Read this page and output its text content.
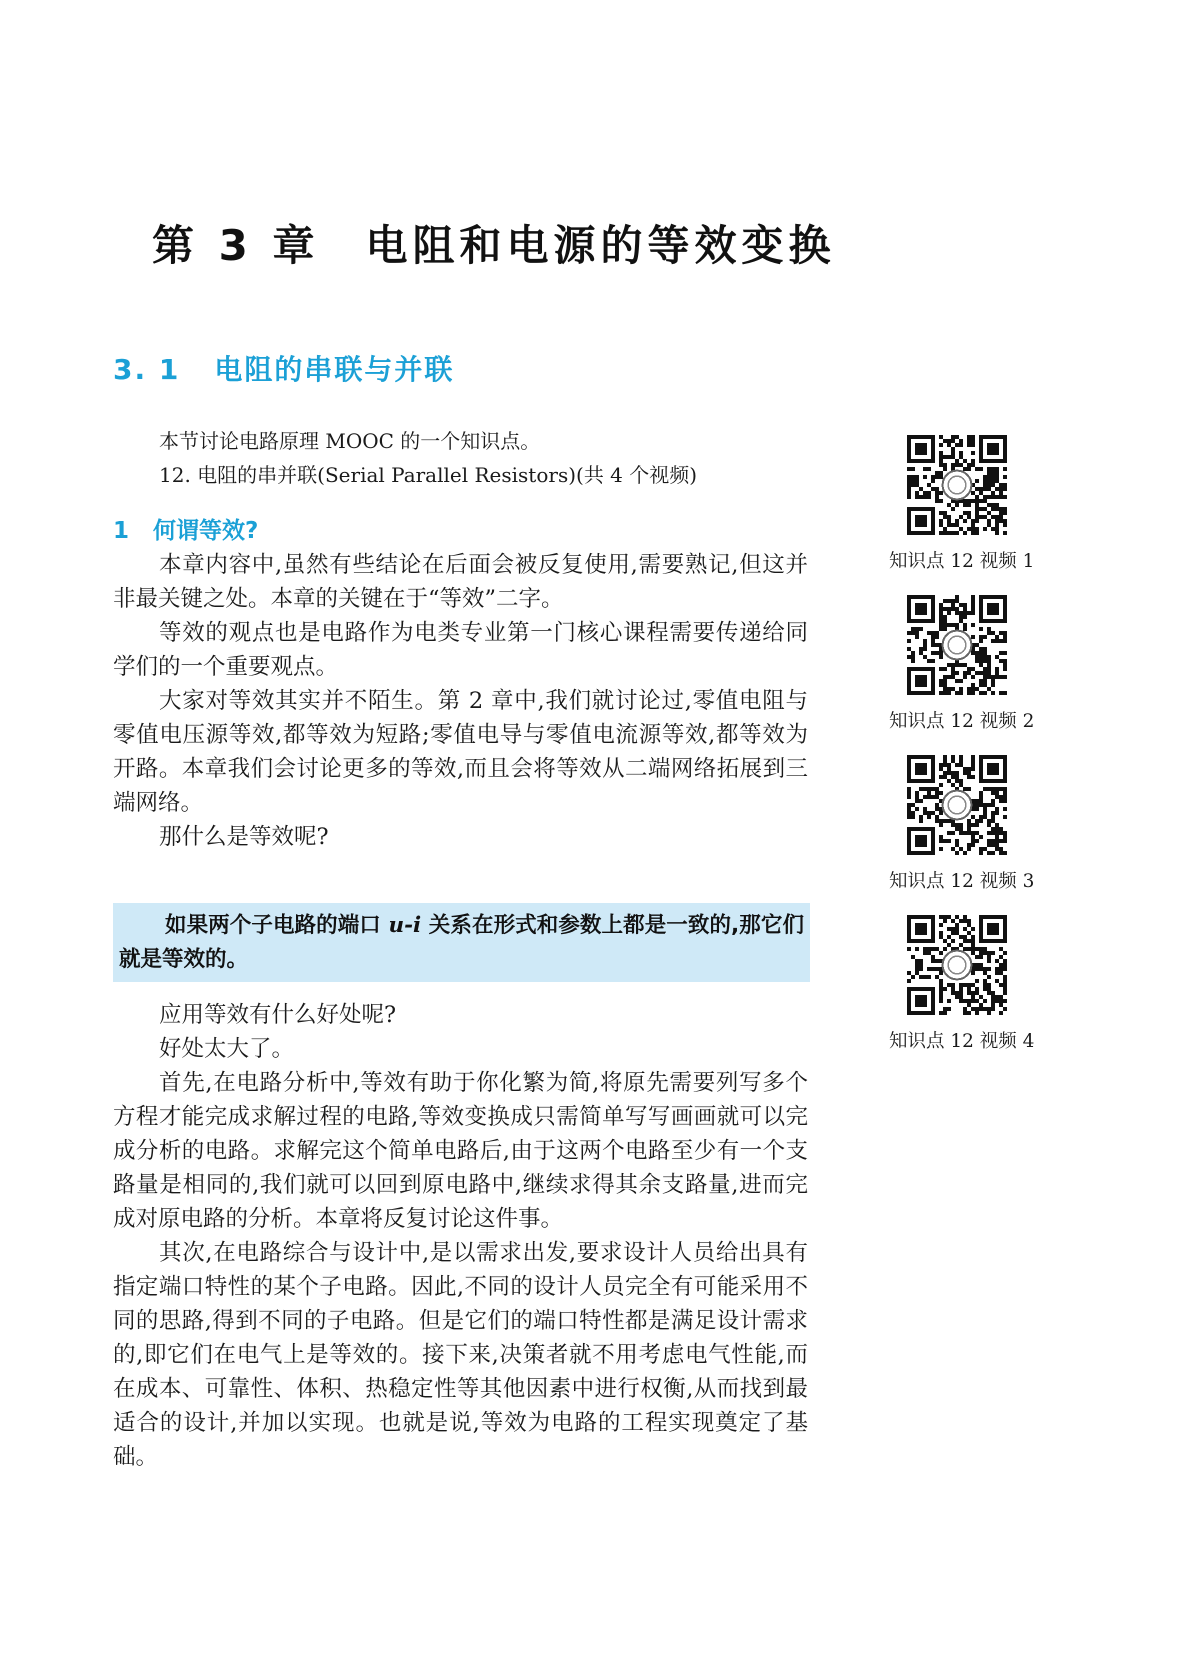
第 3 章 电阻和电源的等效变换
3. 1 电阻的串联与并联
本节讨论电路原理 MOOC 的一个知识点。
12. 电阻的串并联(Serial Parallel Resistors)(共 4 个视频)
1 何谓等效?

本章内容中,虽然有些结论在后面会被反复使用,需要熟记,但这并非最关键之处。本章的关键在于“等效”二字。

等效的观点也是电路作为电类专业第一门核心课程需要传递给同学们的一个重要观点。

大家对等效其实并不陌生。第 2 章中,我们就讨论过,零值电阻与零值电压源等效,都等效为短路;零值电导与零值电流源等效,都等效为开路。本章我们会讨论更多的等效,而且会将等效从二端网络拓展到三端网络。

那什么是等效呢?

如果两个子电路的端口 u-i 关系在形式和参数上都是一致的,那它们就是等效的。

应用等效有什么好处呢?

好处太大了。

首先,在电路分析中,等效有助于你化繁为简,将原先需要列写多个方程才能完成求解过程的电路,等效变换成只需简单写写画画就可以完成分析的电路。求解完这个简单电路后,由于这两个电路至少有一个支路量是相同的,我们就可以回到原电路中,继续求得其余支路量,进而完成对原电路的分析。本章将反复讨论这件事。

其次,在电路综合与设计中,是以需求出发,要求设计人员给出具有指定端口特性的某个子电路。因此,不同的设计人员完全有可能采用不同的思路,得到不同的子电路。但是它们的端口特性都是满足设计需求的,即它们在电气上是等效的。接下来,决策者就不用考虑电气性能,而在成本、可靠性、体积、热稳定性等其他因素中进行权衡,从而找到最适合的设计,并加以实现。也就是说,等效为电路的工程实现奠定了基础。

知识点 12 视频 1
知识点 12 视频 2
知识点 12 视频 3
知识点 12 视频 4
